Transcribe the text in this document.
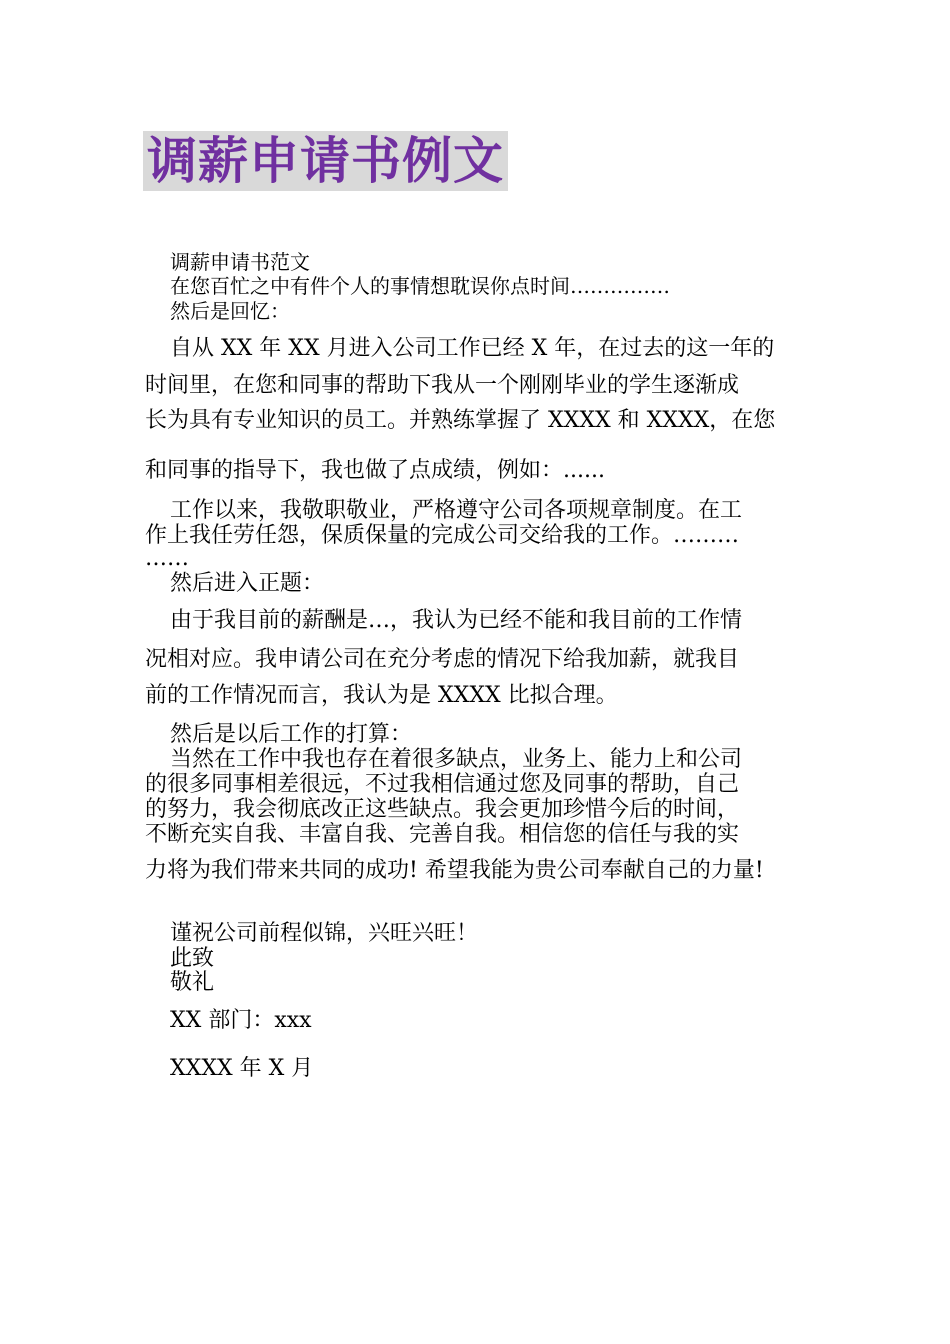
调薪申请书例文
调薪申请书范文
在您百忙之中有件个人的事情想耽误你点时间……………
然后是回忆：
自从 XX 年 XX 月进入公司工作已经 X 年，在过去的这一年的
时间里，在您和同事的帮助下我从一个刚刚毕业的学生逐渐成
长为具有专业知识的员工。并熟练掌握了 XXXX 和 XXXX，在您
和同事的指导下，我也做了点成绩，例如：......
工作以来，我敬职敬业，严格遵守公司各项规章制度。在工
作上我任劳任怨，保质保量的完成公司交给我的工作。………
……
然后进入正题：
由于我目前的薪酬是…，我认为已经不能和我目前的工作情
况相对应。我申请公司在充分考虑的情况下给我加薪，就我目
前的工作情况而言，我认为是 XXXX 比拟合理。
然后是以后工作的打算：
当然在工作中我也存在着很多缺点，业务上、能力上和公司
的很多同事相差很远，不过我相信通过您及同事的帮助，自己
的努力，我会彻底改正这些缺点。我会更加珍惜今后的时间，
不断充实自我、丰富自我、完善自我。相信您的信任与我的实
力将为我们带来共同的成功! 希望我能为贵公司奉献自己的力量!
谨祝公司前程似锦，兴旺兴旺！
此致
敬礼
XX 部门：xxx
XXXX 年 X 月
